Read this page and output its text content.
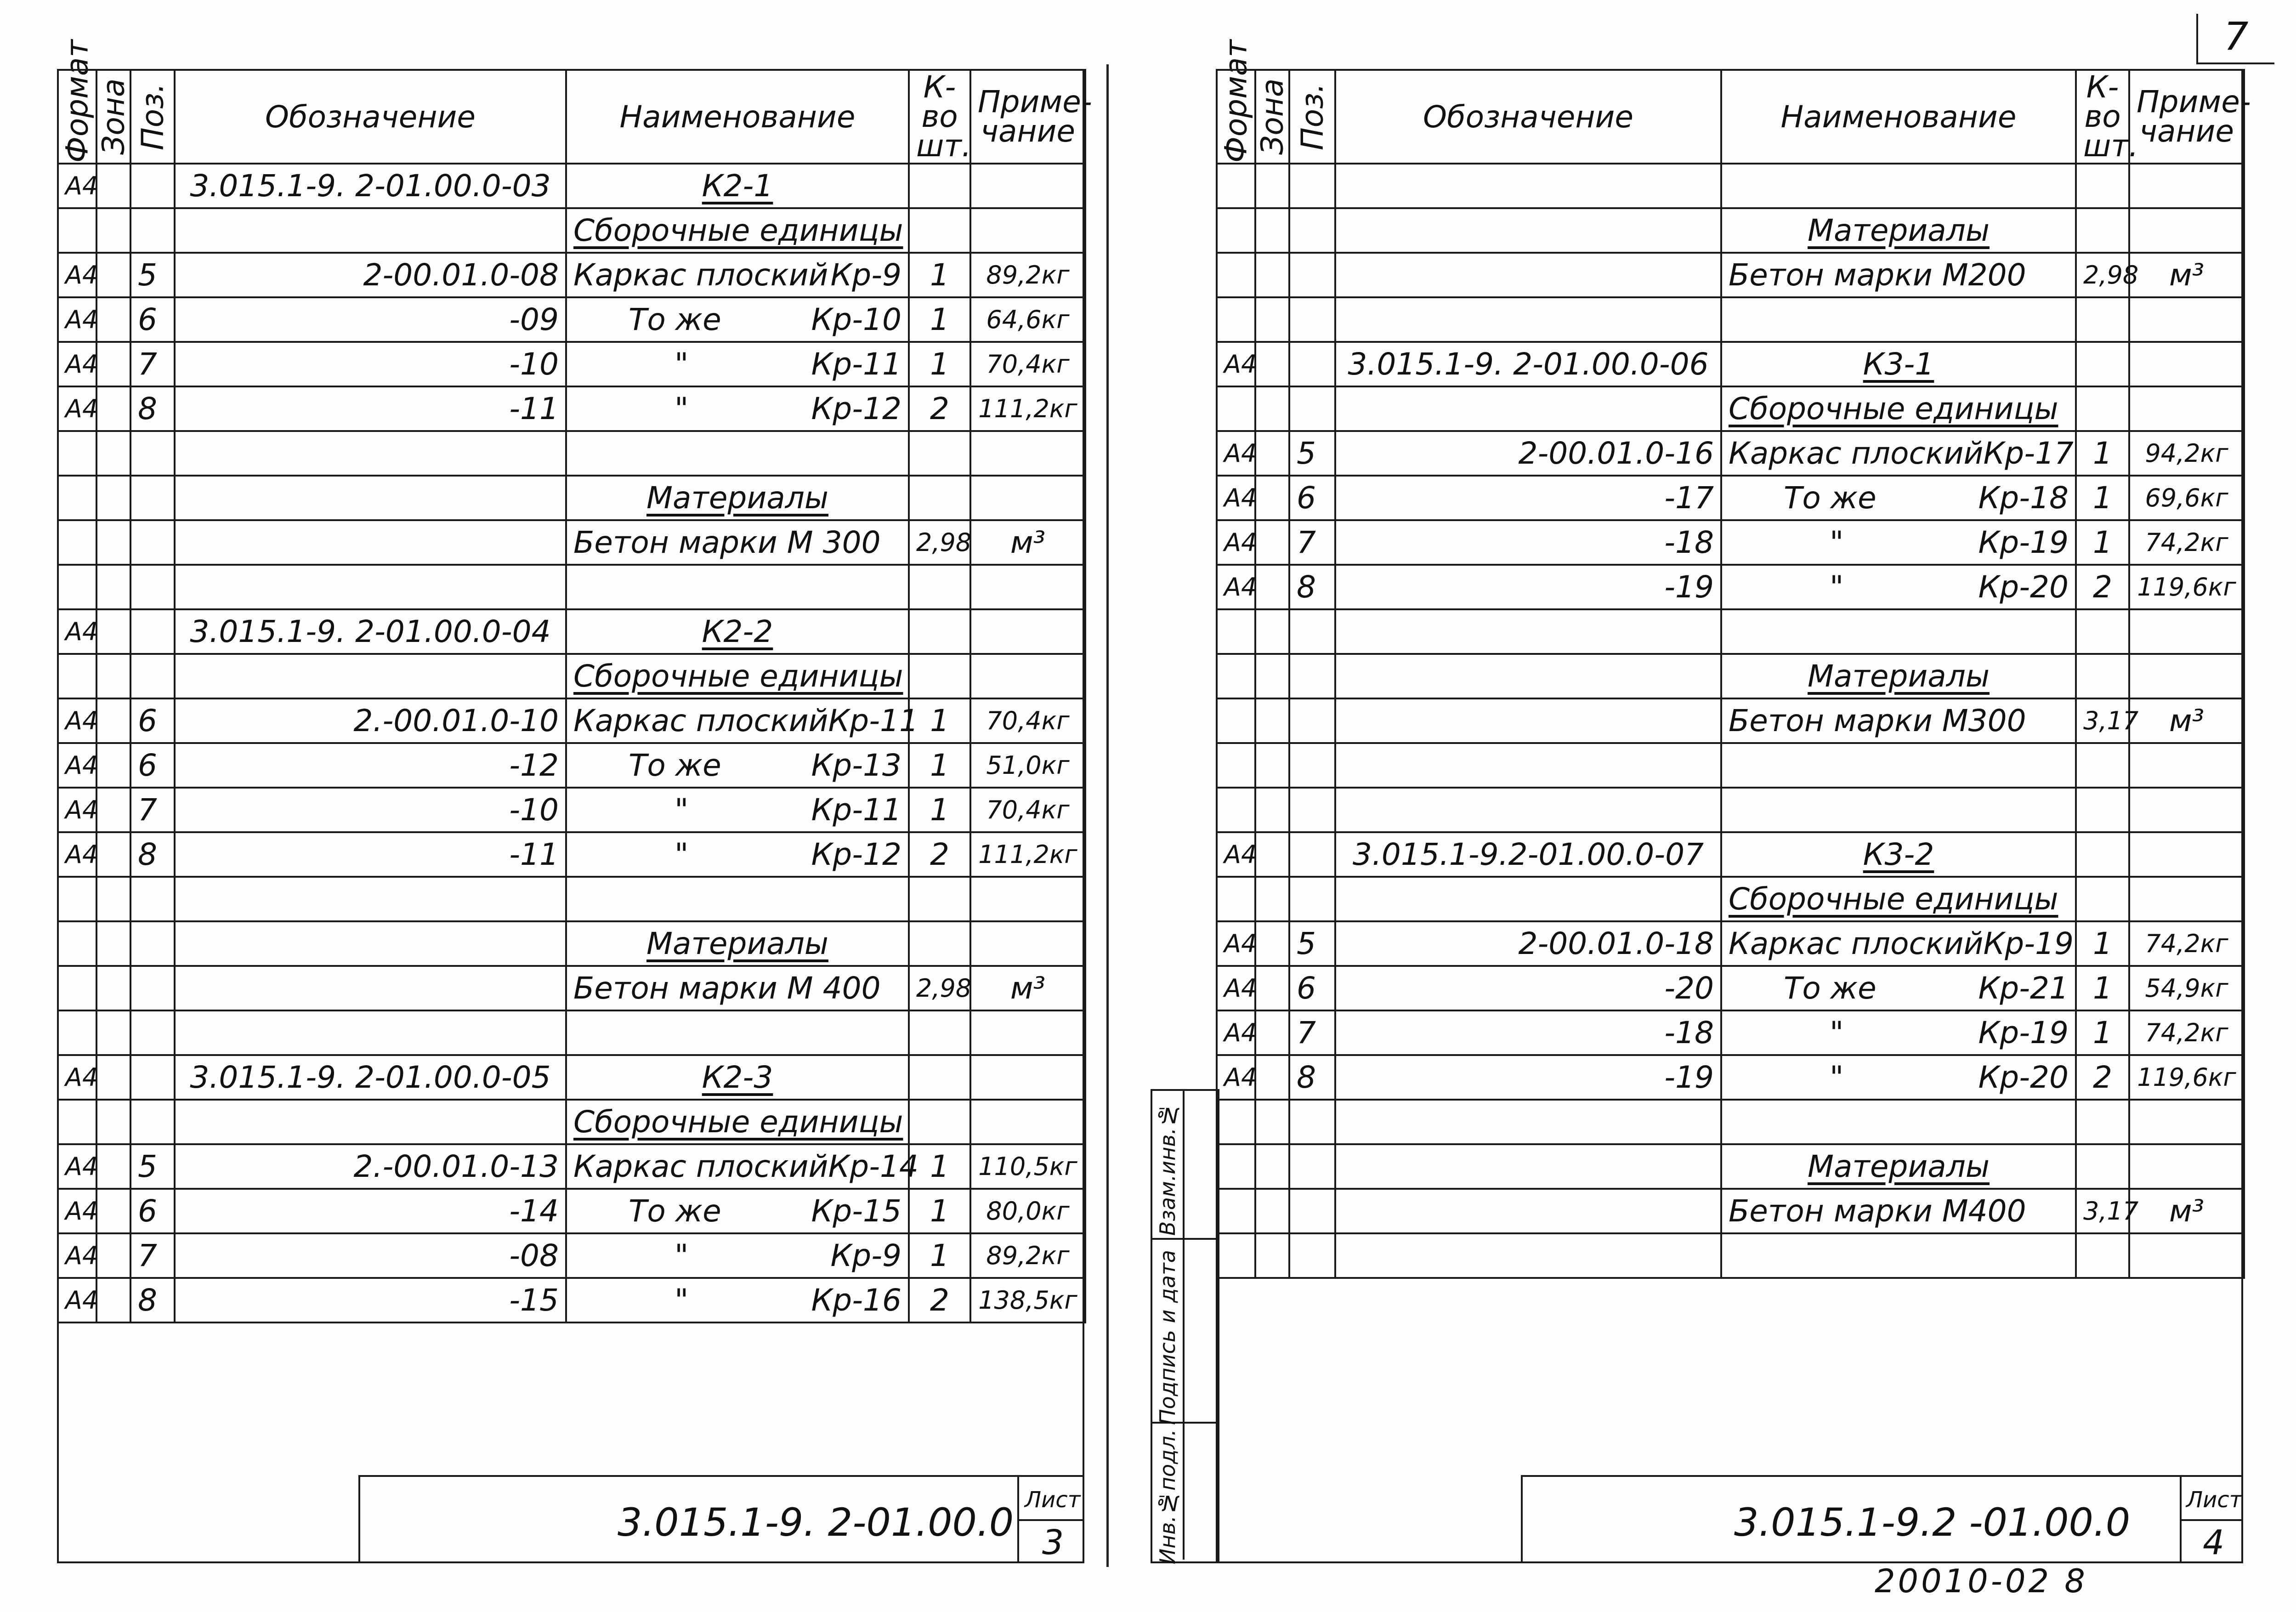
Формат	Зона	Поз.	Обозначение	Наименование	К-во шт.	Приме-чание
А4			3.015.1-9. 2-01.00.0-03	К2-1		
				Сборочные единицы		
А4		5	2-00.01.0-08	Каркас плоский Кр-9	1	89,2кг
А4		6	-09	То же Кр-10	1	64,6кг
А4		7	-10	" Кр-11	1	70,4кг
А4		8	-11	" Кр-12	2	111,2кг

				Материалы		
				Бетон марки М 300	2,98	м³

А4			3.015.1-9. 2-01.00.0-04	К2-2		
				Сборочные единицы		
А4		6	2.-00.01.0-10	Каркас плоский Кр-11	1	70,4кг
А4		6	-12	То же Кр-13	1	51,0кг
А4		7	-10	" Кр-11	1	70,4кг
А4		8	-11	" Кр-12	2	111,2кг

				Материалы		
				Бетон марки М 400	2,98	м³

А4			3.015.1-9. 2-01.00.0-05	К2-3		
				Сборочные единицы		
А4		5	2.-00.01.0-13	Каркас плоский Кр-14	1	110,5кг
А4		6	-14	То же Кр-15	1	80,0кг
А4		7	-08	" Кр-9	1	89,2кг
А4		8	-15	" Кр-16	2	138,5кг
3.015.1-9. 2-01.00.0 Лист
3
7
Формат	Зона	Поз.	Обозначение	Наименование	К-во шт.	Приме-чание

				Материалы		
				Бетон марки М200	2,98	м³

А4			3.015.1-9. 2-01.00.0-06	К3-1		
				Сборочные единицы		
А4		5	2-00.01.0-16	Каркас плоский Кр-17	1	94,2кг
А4		6	-17	То же Кр-18	1	69,6кг
А4		7	-18	" Кр-19	1	74,2кг
А4		8	-19	" Кр-20	2	119,6кг

				Материалы		
				Бетон марки М300	3,17	м³

А4			3.015.1-9.2-01.00.0-07	К3-2		
				Сборочные единицы		
А4		5	2-00.01.0-18	Каркас плоский Кр-19	1	74,2кг
А4		6	-20	То же Кр-21	1	54,9кг
А4		7	-18	" Кр-19	1	74,2кг
А4		8	-19	" Кр-20	2	119,6кг

				Материалы		
				Бетон марки М400	3,17	м³

Взам.инв.№
Подпись и дата
Инв.№подл.	3.015.1-9.2 -01.00.0	Лист
4
20010-02 8
